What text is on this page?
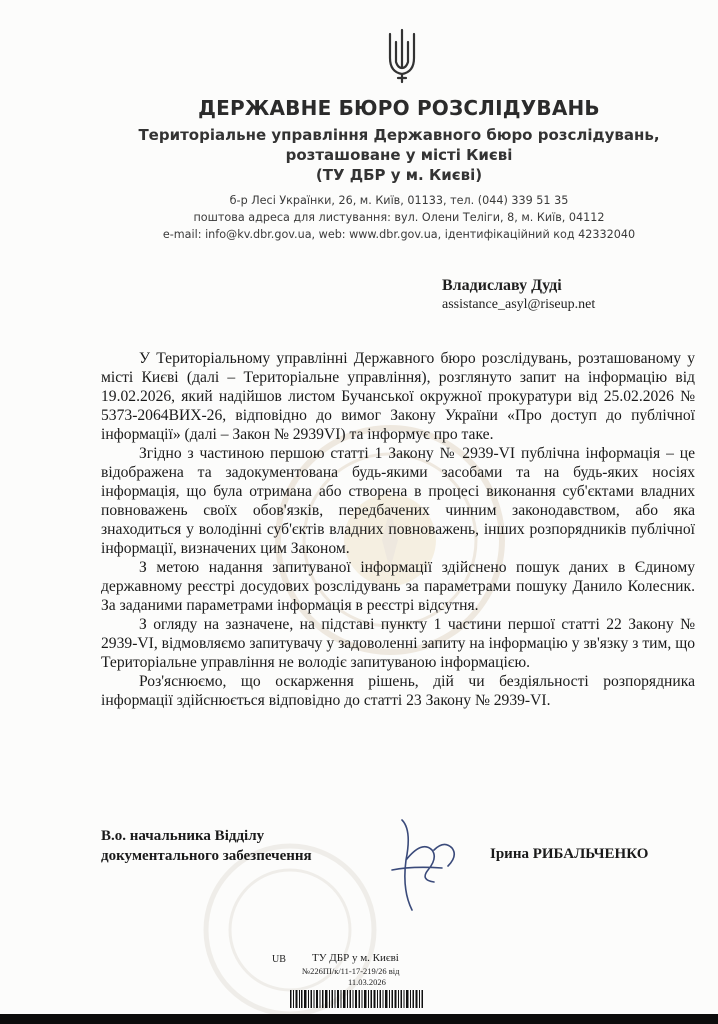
ДЕРЖАВНЕ БЮРО РОЗСЛІДУВАНЬ
Територіальне управління Державного бюро розслідувань,
розташоване у місті Києві
(ТУ ДБР у м. Києві)
б-р Лесі Українки, 26, м. Київ, 01133, тел. (044) 339 51 35
поштова адреса для листування: вул. Олени Теліги, 8, м. Київ, 04112
e-mail: info@kv.dbr.gov.ua, web: www.dbr.gov.ua, ідентифікаційний код 42332040
Владиславу Дуді
assistance_asyl@riseup.net

У Територіальному управлінні Державного бюро розслідувань, розташованому у місті Києві (далі – Територіальне управління), розглянуто запит на інформацію від 19.02.2026, який надійшов листом Бучанської окружної прокуратури від 25.02.2026 № 5373-2064ВИХ-26, відповідно до вимог Закону України «Про доступ до публічної інформації» (далі – Закон № 2939VI) та інформує про таке.

Згідно з частиною першою статті 1 Закону № 2939-VI публічна інформація – це відображена та задокументована будь-якими засобами та на будь-яких носіях інформація, що була отримана або створена в процесі виконання суб'єктами владних повноважень своїх обов'язків, передбачених чинним законодавством, або яка знаходиться у володінні суб'єктів владних повноважень, інших розпорядників публічної інформації, визначених цим Законом.

З метою надання запитуваної інформації здійснено пошук даних в Єдиному державному реєстрі досудових розслідувань за параметрами пошуку Данило Колесник. За заданими параметрами інформація в реєстрі відсутня.

З огляду на зазначене, на підставі пункту 1 частини першої статті 22 Закону № 2939-VI, відмовляємо запитувачу у задоволенні запиту на інформацію у зв'язку з тим, що Територіальне управління не володіє запитуваною інформацією.

Роз'яснюємо, що оскарження рішень, дій чи бездіяльності розпорядника інформації здійснюється відповідно до статті 23 Закону № 2939-VI.

В.о. начальника Відділу
документального забезпечення	Ірина РИБАЛЬЧЕНКО
UB ТУ ДБР у м. Києві
№226ПІ/к/11-17-219/26 від
11.03.2026
